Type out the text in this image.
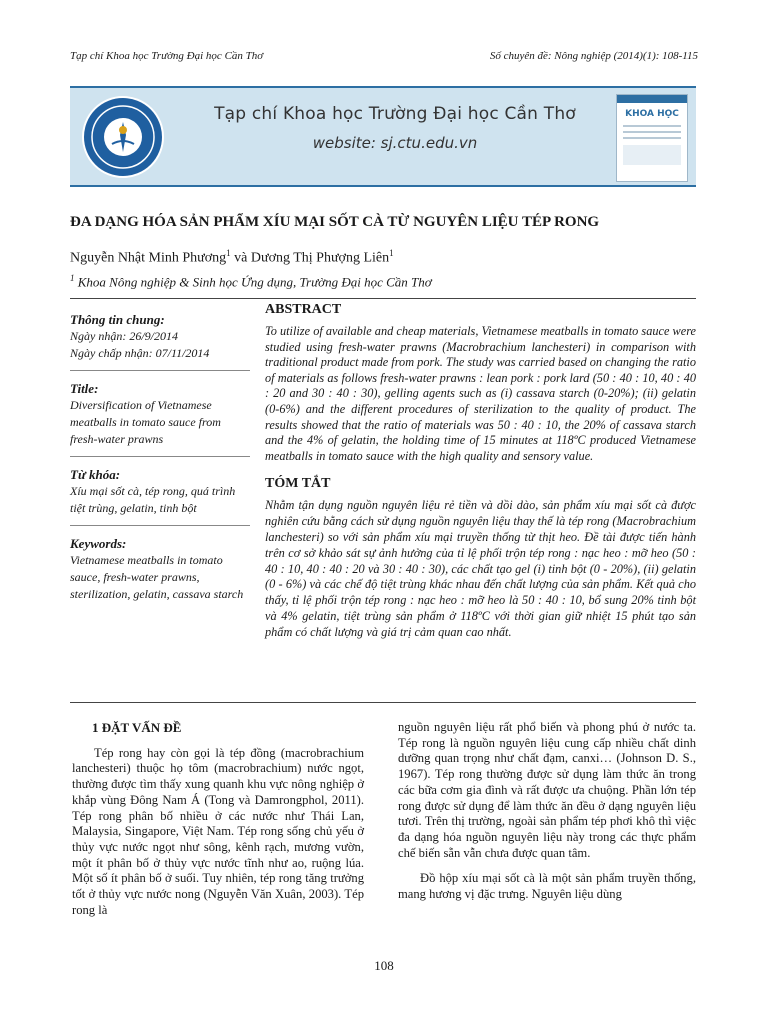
Tạp chí Khoa học Trường Đại học Cần Thơ	Số chuyên đề: Nông nghiệp (2014)(1): 108-115
Tạp chí Khoa học Trường Đại học Cần Thơ
website: sj.ctu.edu.vn
KHOA HỌC
ĐA DẠNG HÓA SẢN PHẨM XÍU MẠI SỐT CÀ TỪ NGUYÊN LIỆU TÉP RONG
Nguyễn Nhật Minh Phương$^1$ và Dương Thị Phượng Liên$^1$
$^1$ Khoa Nông nghiệp & Sinh học Ứng dụng, Trường Đại học Cần Thơ
Thông tin chung:
Ngày nhận: 26/9/2014
Ngày chấp nhận: 07/11/2014
Title:
Diversification of Vietnamese meatballs in tomato sauce from fresh-water prawns
Từ khóa:
Xíu mại sốt cà, tép rong, quá trình tiệt trùng, gelatin, tinh bột
Keywords:
Vietnamese meatballs in tomato sauce, fresh-water prawns, sterilization, gelatin, cassava starch
ABSTRACT

To utilize of available and cheap materials, Vietnamese meatballs in tomato sauce were studied using fresh-water prawns (Macrobrachium lanchesteri) in comparison with traditional product made from pork. The study was carried based on changing the ratio of materials as follows fresh-water prawns : lean pork : pork lard (50 : 40 : 10, 40 : 40 : 20 and 30 : 40 : 30), gelling agents such as (i) cassava starch (0-20%); (ii) gelatin (0-6%) and the different procedures of sterilization to the quality of product. The results showed that the ratio of materials was 50 : 40 : 10, the 20% of cassava starch and the 4% of gelatin, the holding time of 15 minutes at 118ºC produced Vietnamese meatballs in tomato sauce with the high quality and sensory value.

TÓM TẮT

Nhằm tận dụng nguồn nguyên liệu rẻ tiền và dồi dào, sản phẩm xíu mại sốt cà được nghiên cứu bằng cách sử dụng nguồn nguyên liệu thay thế là tép rong (Macrobrachium lanchesteri) so với sản phẩm xíu mại truyền thống từ thịt heo. Đề tài được tiến hành trên cơ sở khảo sát sự ảnh hưởng của tỉ lệ phối trộn tép rong : nạc heo : mỡ heo (50 : 40 : 10, 40 : 40 : 20 và 30 : 40 : 30), các chất tạo gel (i) tinh bột (0 - 20%), (ii) gelatin (0 - 6%) và các chế độ tiệt trùng khác nhau đến chất lượng của sản phẩm. Kết quả cho thấy, tỉ lệ phối trộn tép rong : nạc heo : mỡ heo là 50 : 40 : 10, bổ sung 20% tinh bột và 4% gelatin, tiệt trùng sản phẩm ở 118ºC với thời gian giữ nhiệt 15 phút tạo sản phẩm có chất lượng và giá trị cảm quan cao nhất.

1 ĐẶT VẤN ĐỀ

Tép rong hay còn gọi là tép đồng (macrobrachium lanchesteri) thuộc họ tôm (macrobrachium) nước ngọt, thường được tìm thấy xung quanh khu vực nông nghiệp ở khắp vùng Đông Nam Á (Tong và Damrongphol, 2011). Tép rong phân bố nhiều ở các nước như Thái Lan, Malaysia, Singapore, Việt Nam. Tép rong sống chủ yếu ở thủy vực nước ngọt như sông, kênh rạch, mương vườn, một ít phân bố ở thủy vực nước tĩnh như ao, ruộng lúa. Một số ít phân bố ở suối. Tuy nhiên, tép rong tăng trưởng tốt ở thủy vực nước nong (Nguyễn Văn Xuân, 2003). Tép rong là

nguồn nguyên liệu rất phổ biến và phong phú ở nước ta. Tép rong là nguồn nguyên liệu cung cấp nhiều chất dinh dưỡng quan trọng như chất đạm, canxi… (Johnson D. S., 1967). Tép rong thường được sử dụng làm thức ăn trong các bữa cơm gia đình và rất được ưa chuộng. Phần lớn tép rong được sử dụng để làm thức ăn đều ở dạng nguyên liệu tươi. Trên thị trường, ngoài sản phẩm tép phơi khô thì việc đa dạng hóa nguồn nguyên liệu này trong các thực phẩm chế biến sẵn vẫn chưa được quan tâm.

Đồ hộp xíu mại sốt cà là một sản phẩm truyền thống, mang hương vị đặc trưng. Nguyên liệu dùng

108
